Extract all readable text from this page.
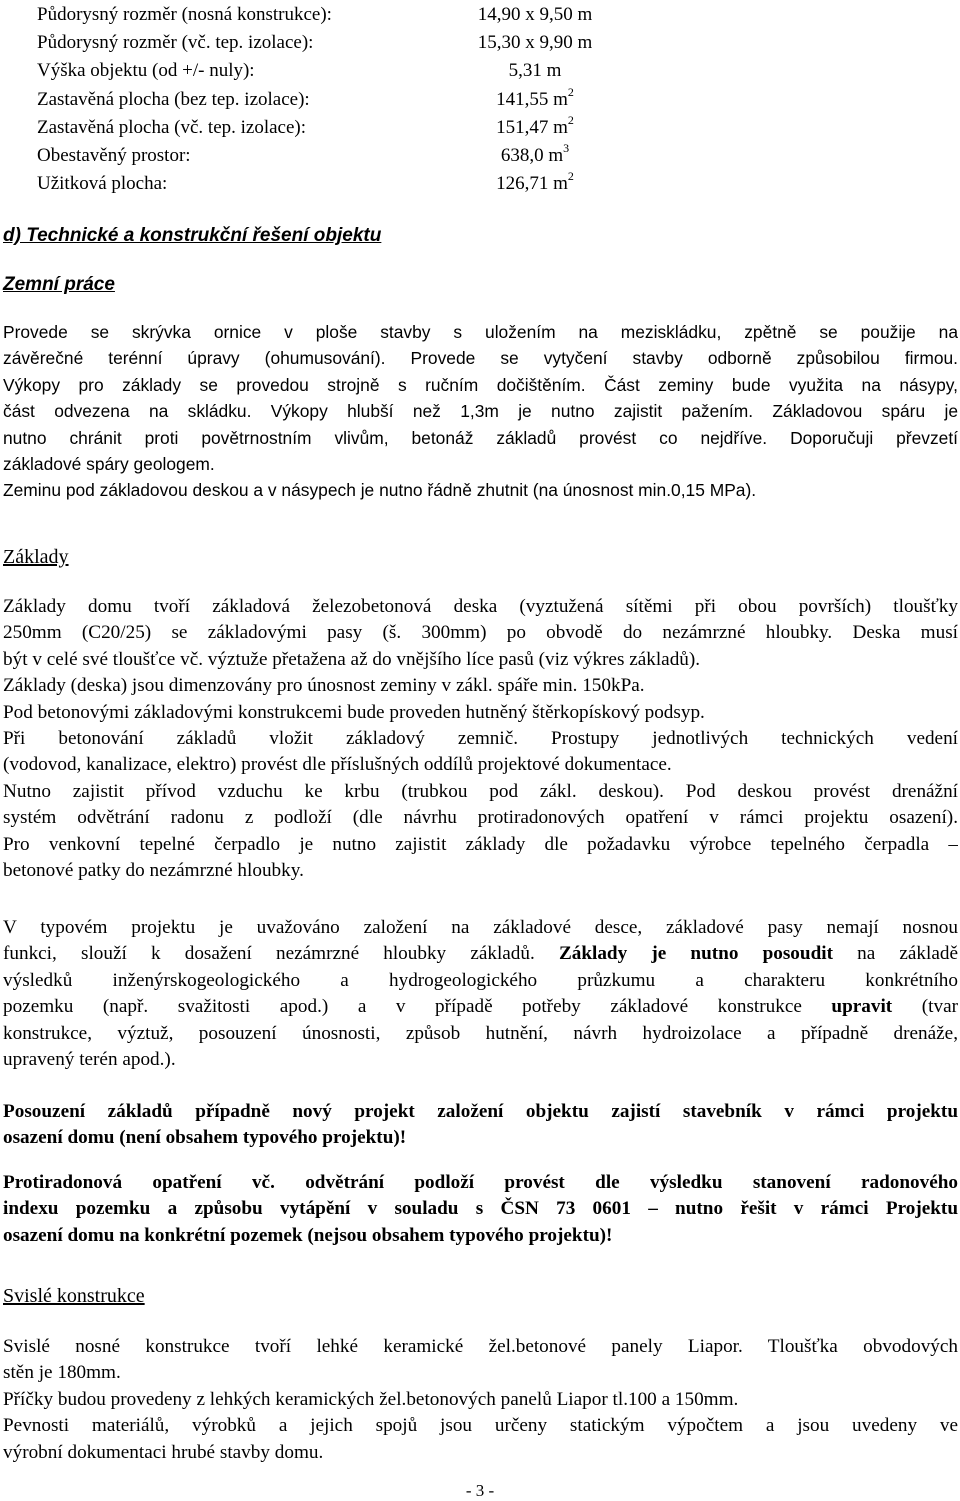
Půdorysný rozměr (nosná konstrukce):	14,90 x 9,50 m
Půdorysný rozměr (vč. tep. izolace):	15,30 x 9,90 m
Výška objektu (od +/- nuly):	5,31 m
Zastavěná plocha (bez tep. izolace):	141,55 $m^2$
Zastavěná plocha (vč. tep. izolace):	151,47 $m^2$
Obestavěný prostor:	638,0 $m^3$
Užitková plocha:	126,71 $m^2$
d) Technické a konstrukční řešení objektu
Zemní práce
Provede se skrývka ornice v ploše stavby s uložením na meziskládku, zpětně se použije na
závěrečné terénní úpravy (ohumusování). Provede se vytyčení stavby odborně způsobilou firmou.
Výkopy pro základy se provedou strojně s ručním dočištěním. Část zeminy bude využita na násypy,
část odvezena na skládku. Výkopy hlubší než 1,3m je nutno zajistit pažením. Základovou spáru je
nutno chránit proti povětrnostním vlivům, betonáž základů provést co nejdříve. Doporučuji převzetí
základové spáry geologem.
Zeminu pod základovou deskou a v násypech je nutno řádně zhutnit (na únosnost min.0,15 MPa).
Základy
Základy domu tvoří základová železobetonová deska (vyztužená sítěmi při obou površích) tloušťky
250mm (C20/25) se základovými pasy (š. 300mm) po obvodě do nezámrzné hloubky. Deska musí
být v celé své tloušťce vč. výztuže přetažena až do vnějšího líce pasů (viz výkres základů).
Základy (deska) jsou dimenzovány pro únosnost zeminy v zákl. spáře min. 150kPa.
Pod betonovými základovými konstrukcemi bude proveden hutněný štěrkopískový podsyp.
Při betonování základů vložit základový zemnič. Prostupy jednotlivých technických vedení
(vodovod, kanalizace, elektro) provést dle příslušných oddílů projektové dokumentace.
Nutno zajistit přívod vzduchu ke krbu (trubkou pod zákl. deskou). Pod deskou provést drenážní
systém odvětrání radonu z podloží (dle návrhu protiradonových opatření v rámci projektu osazení).
Pro venkovní tepelné čerpadlo je nutno zajistit základy dle požadavku výrobce tepelného čerpadla –
betonové patky do nezámrzné hloubky.
V typovém projektu je uvažováno založení na základové desce, základové pasy nemají nosnou
funkci, slouží k dosažení nezámrzné hloubky základů. Základy je nutno posoudit na základě
výsledků inženýrskogeologického a hydrogeologického průzkumu a charakteru konkrétního
pozemku (např. svažitosti apod.) a v případě potřeby základové konstrukce upravit (tvar
konstrukce, výztuž, posouzení únosnosti, způsob hutnění, návrh hydroizolace a případně drenáže,
upravený terén apod.).
Posouzení základů případně nový projekt založení objektu zajistí stavebník v rámci projektu
osazení domu (není obsahem typového projektu)!
Protiradonová opatření vč. odvětrání podloží provést dle výsledku stanovení radonového
indexu pozemku a způsobu vytápění v souladu s ČSN 73 0601 – nutno řešit v rámci Projektu
osazení domu na konkrétní pozemek (nejsou obsahem typového projektu)!
Svislé konstrukce
Svislé nosné konstrukce tvoří lehké keramické žel.betonové panely Liapor. Tloušťka obvodových
stěn je 180mm.
Příčky budou provedeny z lehkých keramických žel.betonových panelů Liapor tl.100 a 150mm.
Pevnosti materiálů, výrobků a jejich spojů jsou určeny statickým výpočtem a jsou uvedeny ve
výrobní dokumentaci hrubé stavby domu.
- 3 -
